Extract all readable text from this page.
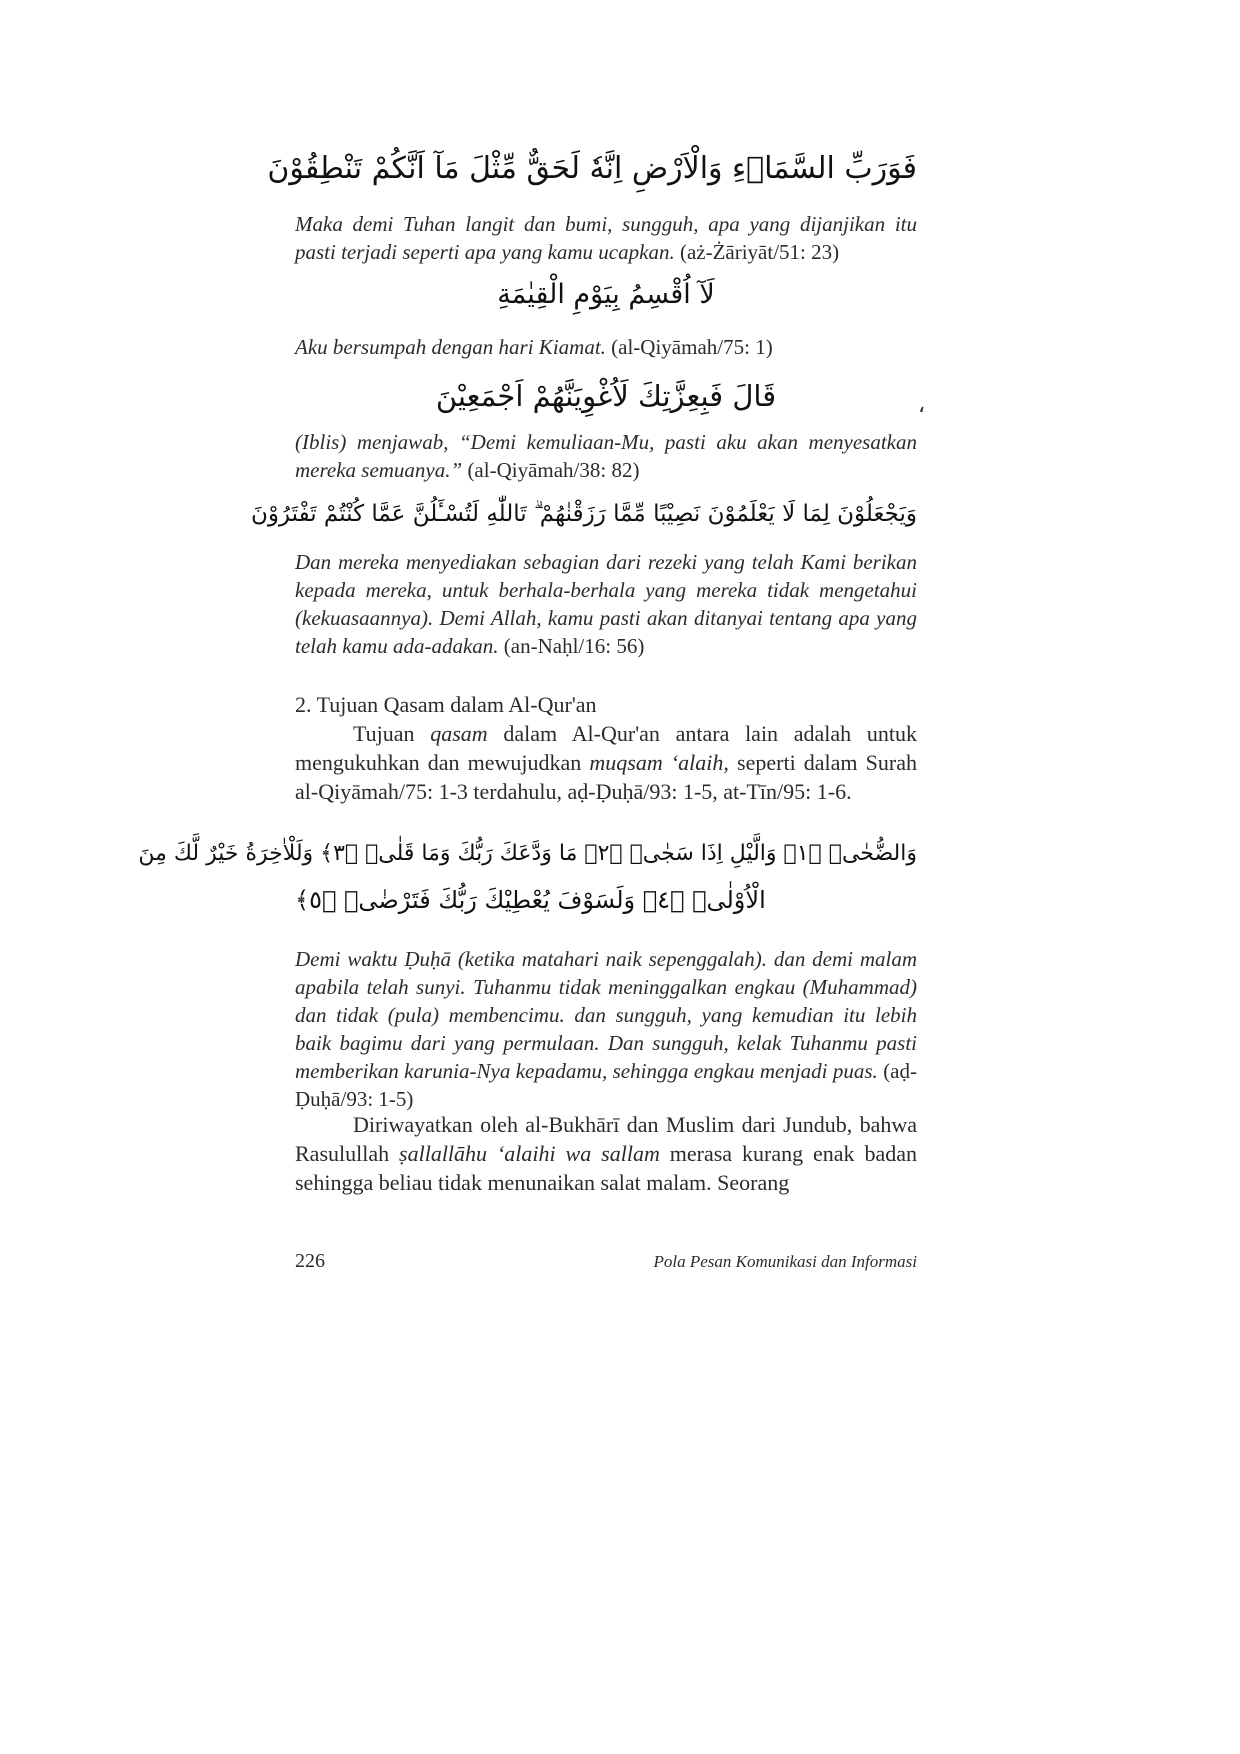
فَوَرَبِّ السَّمَاۤءِ وَالْاَرْضِ اِنَّهٗ لَحَقٌّ مِّثْلَ مَآ اَنَّكُمْ تَنْطِقُوْنَ

Maka demi Tuhan langit dan bumi, sungguh, apa yang dijanjikan itu pasti terjadi seperti apa yang kamu ucapkan. (aż-Żāriyāt/51: 23)

لَآ اُقْسِمُ بِيَوْمِ الْقِيٰمَةِ

Aku bersumpah dengan hari Kiamat. (al-Qiyāmah/75: 1)

قَالَ فَبِعِزَّتِكَ لَاُغْوِيَنَّهُمْ اَجْمَعِيْنَ	،

(Iblis) menjawab, “Demi kemuliaan-Mu, pasti aku akan menyesatkan mereka semuanya.” (al-Qiyāmah/38: 82)

وَيَجْعَلُوْنَ لِمَا لَا يَعْلَمُوْنَ نَصِيْبًا مِّمَّا رَزَقْنٰهُمْ ۗ تَاللّٰهِ لَتُسْـَٔلُنَّ عَمَّا كُنْتُمْ تَفْتَرُوْنَ

Dan mereka menyediakan sebagian dari rezeki yang telah Kami berikan kepada mereka, untuk berhala-berhala yang mereka tidak mengetahui (kekuasaannya). Demi Allah, kamu pasti akan ditanyai tentang apa yang telah kamu ada-adakan. (an-Naḥl/16: 56)

2. Tujuan Qasam dalam Al-Qur'an

Tujuan qasam dalam Al-Qur'an antara lain adalah untuk mengukuhkan dan mewujudkan muqsam ‘alaih, seperti dalam Surah al-Qiyāmah/75: 1-3 terdahulu, aḍ-Ḍuḥā/93: 1-5, at-Tīn/95: 1-6.

وَالضُّحٰىۙ ﴿١﴾ وَالَّيْلِ اِذَا سَجٰىۙ ﴿٢﴾ مَا وَدَّعَكَ رَبُّكَ وَمَا قَلٰىۗ ﴿٣﴾ وَلَلْاٰخِرَةُ خَيْرٌ لَّكَ مِنَ
الْاُوْلٰىۗ ﴿٤﴾ وَلَسَوْفَ يُعْطِيْكَ رَبُّكَ فَتَرْضٰىۗ ﴿٥﴾

Demi waktu Ḍuḥā (ketika matahari naik sepenggalah). dan demi malam apabila telah sunyi. Tuhanmu tidak meninggalkan engkau (Muhammad) dan tidak (pula) membencimu. dan sungguh, yang kemudian itu lebih baik bagimu dari yang permulaan. Dan sungguh, kelak Tuhanmu pasti memberikan karunia-Nya kepadamu, sehingga engkau menjadi puas. (aḍ-Ḍuḥā/93: 1-5)

Diriwayatkan oleh al-Bukhārī dan Muslim dari Jundub, bahwa Rasulullah ṣallallāhu ‘alaihi wa sallam merasa kurang enak badan sehingga beliau tidak menunaikan salat malam. Seorang

226	Pola Pesan Komunikasi dan Informasi
